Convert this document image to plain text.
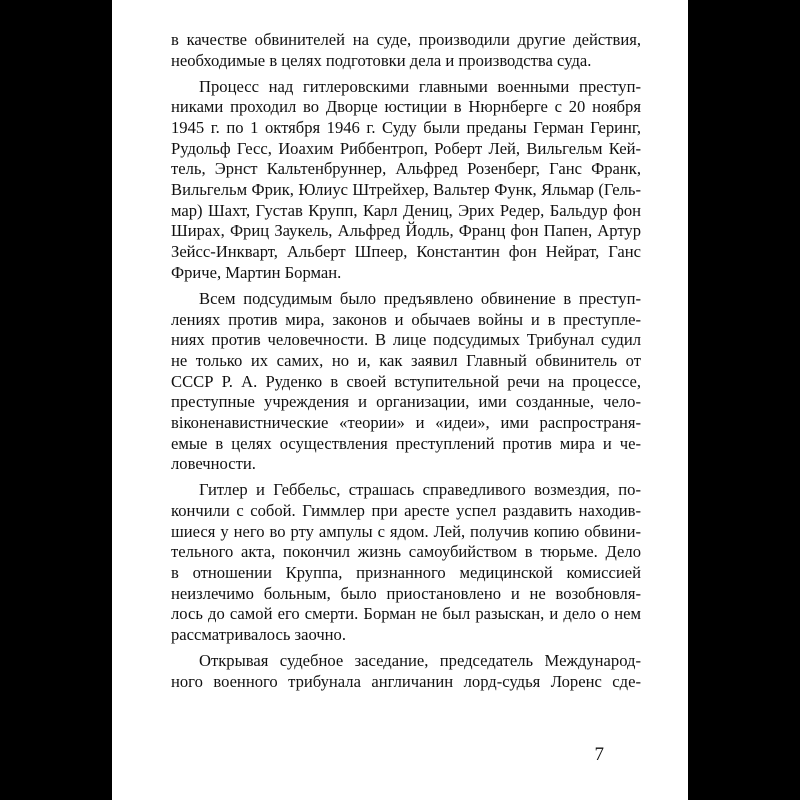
в качестве обвинителей на суде, производили другие действия,
необходимые в целях подготовки дела и производства суда.
Процесс над гитлеровскими главными военными преступ-
никами проходил во Дворце юстиции в Нюрнберге с 20 ноября
1945 г. по 1 октября 1946 г. Суду были преданы Герман Геринг,
Рудольф Гесс, Иоахим Риббентроп, Роберт Лей, Вильгельм Кей-
тель, Эрнст Кальтенбруннер, Альфред Розенберг, Ганс Франк,
Вильгельм Фрик, Юлиус Штрейхер, Вальтер Функ, Яльмар (Гель-
мар) Шахт, Густав Крупп, Карл Дениц, Эрих Редер, Бальдур фон
Ширах, Фриц Заукель, Альфред Йодль, Франц фон Папен, Артур
Зейсс-Инкварт, Альберт Шпеер, Константин фон Нейрат, Ганс
Фриче, Мартин Борман.
Всем подсудимым было предъявлено обвинение в преступ-
лениях против мира, законов и обычаев войны и в преступле-
ниях против человечности. В лице подсудимых Трибунал судил
не только их самих, но и, как заявил Главный обвинитель от
СССР Р. А. Руденко в своей вступительной речи на процессе,
преступные учреждения и организации, ими созданные, чело-
віконенавистнические «теории» и «идеи», ими распространя-
емые в целях осуществления преступлений против мира и че-
ловечности.
Гитлер и Геббельс, страшась справедливого возмездия, по-
кончили с собой. Гиммлер при аресте успел раздавить находив-
шиеся у него во рту ампулы с ядом. Лей, получив копию обвини-
тельного акта, покончил жизнь самоубийством в тюрьме. Дело
в отношении Круппа, признанного медицинской комиссией
неизлечимо больным, было приостановлено и не возобновля-
лось до самой его смерти. Борман не был разыскан, и дело о нем
рассматривалось заочно.
Открывая судебное заседание, председатель Международ-
ного военного трибунала англичанин лорд-судья Лоренс сде-
7
